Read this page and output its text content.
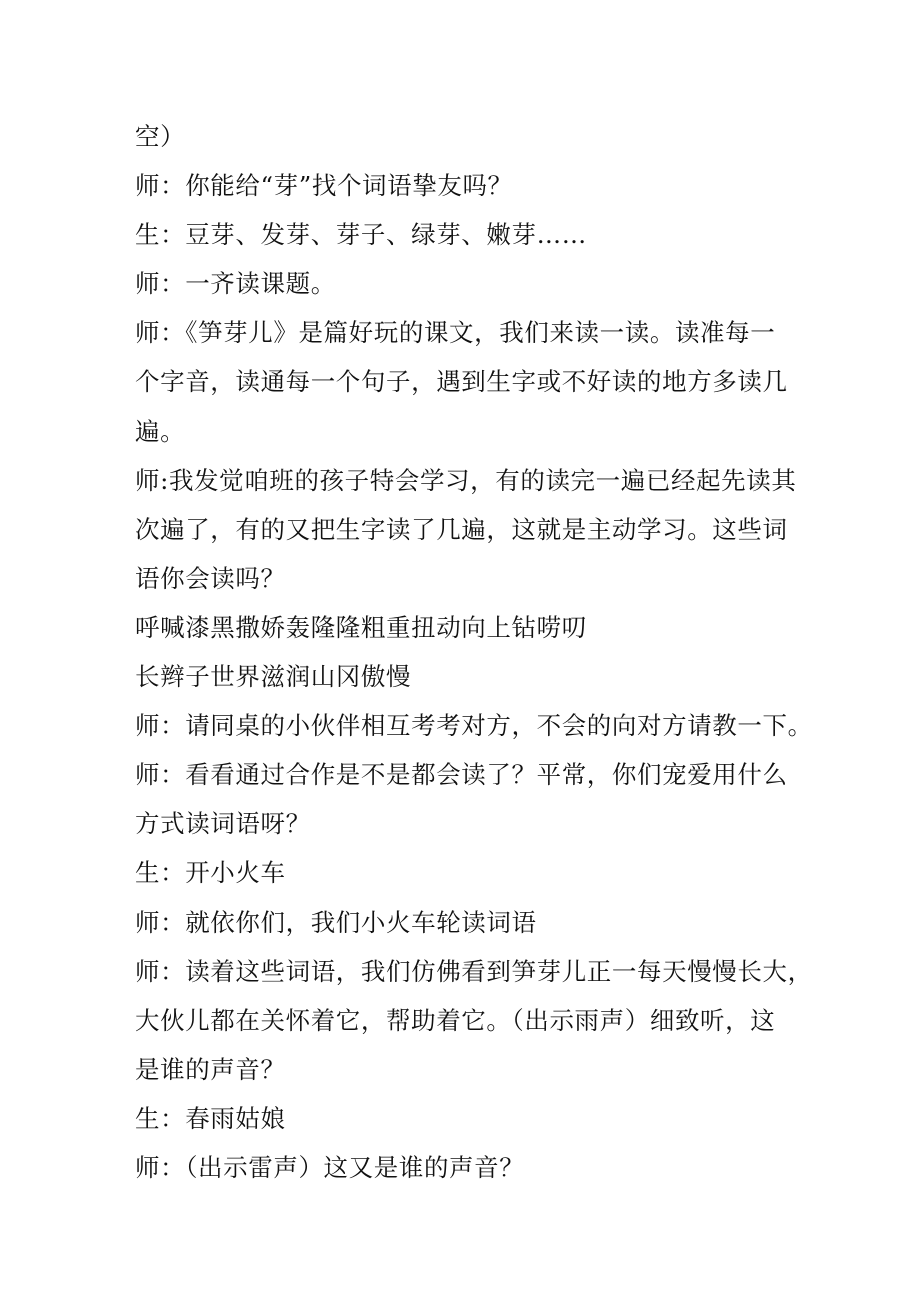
空）
师：你能给“芽”找个词语挚友吗？
生：豆芽、发芽、芽子、绿芽、嫩芽……
师：一齐读课题。
师：《笋芽儿》是篇好玩的课文，我们来读一读。读准每一
个字音，读通每一个句子，遇到生字或不好读的地方多读几
遍。
师:我发觉咱班的孩子特会学习，有的读完一遍已经起先读其
次遍了，有的又把生字读了几遍，这就是主动学习。这些词
语你会读吗？
呼喊漆黑撒娇轰隆隆粗重扭动向上钻唠叨
长辫子世界滋润山冈傲慢
师：请同桌的小伙伴相互考考对方，不会的向对方请教一下。
师：看看通过合作是不是都会读了？平常，你们宠爱用什么
方式读词语呀？
生：开小火车
师：就依你们，我们小火车轮读词语
师：读着这些词语，我们仿佛看到笋芽儿正一每天慢慢长大，
大伙儿都在关怀着它，帮助着它。（出示雨声）细致听，这
是谁的声音？
生：春雨姑娘
师：（出示雷声）这又是谁的声音？
